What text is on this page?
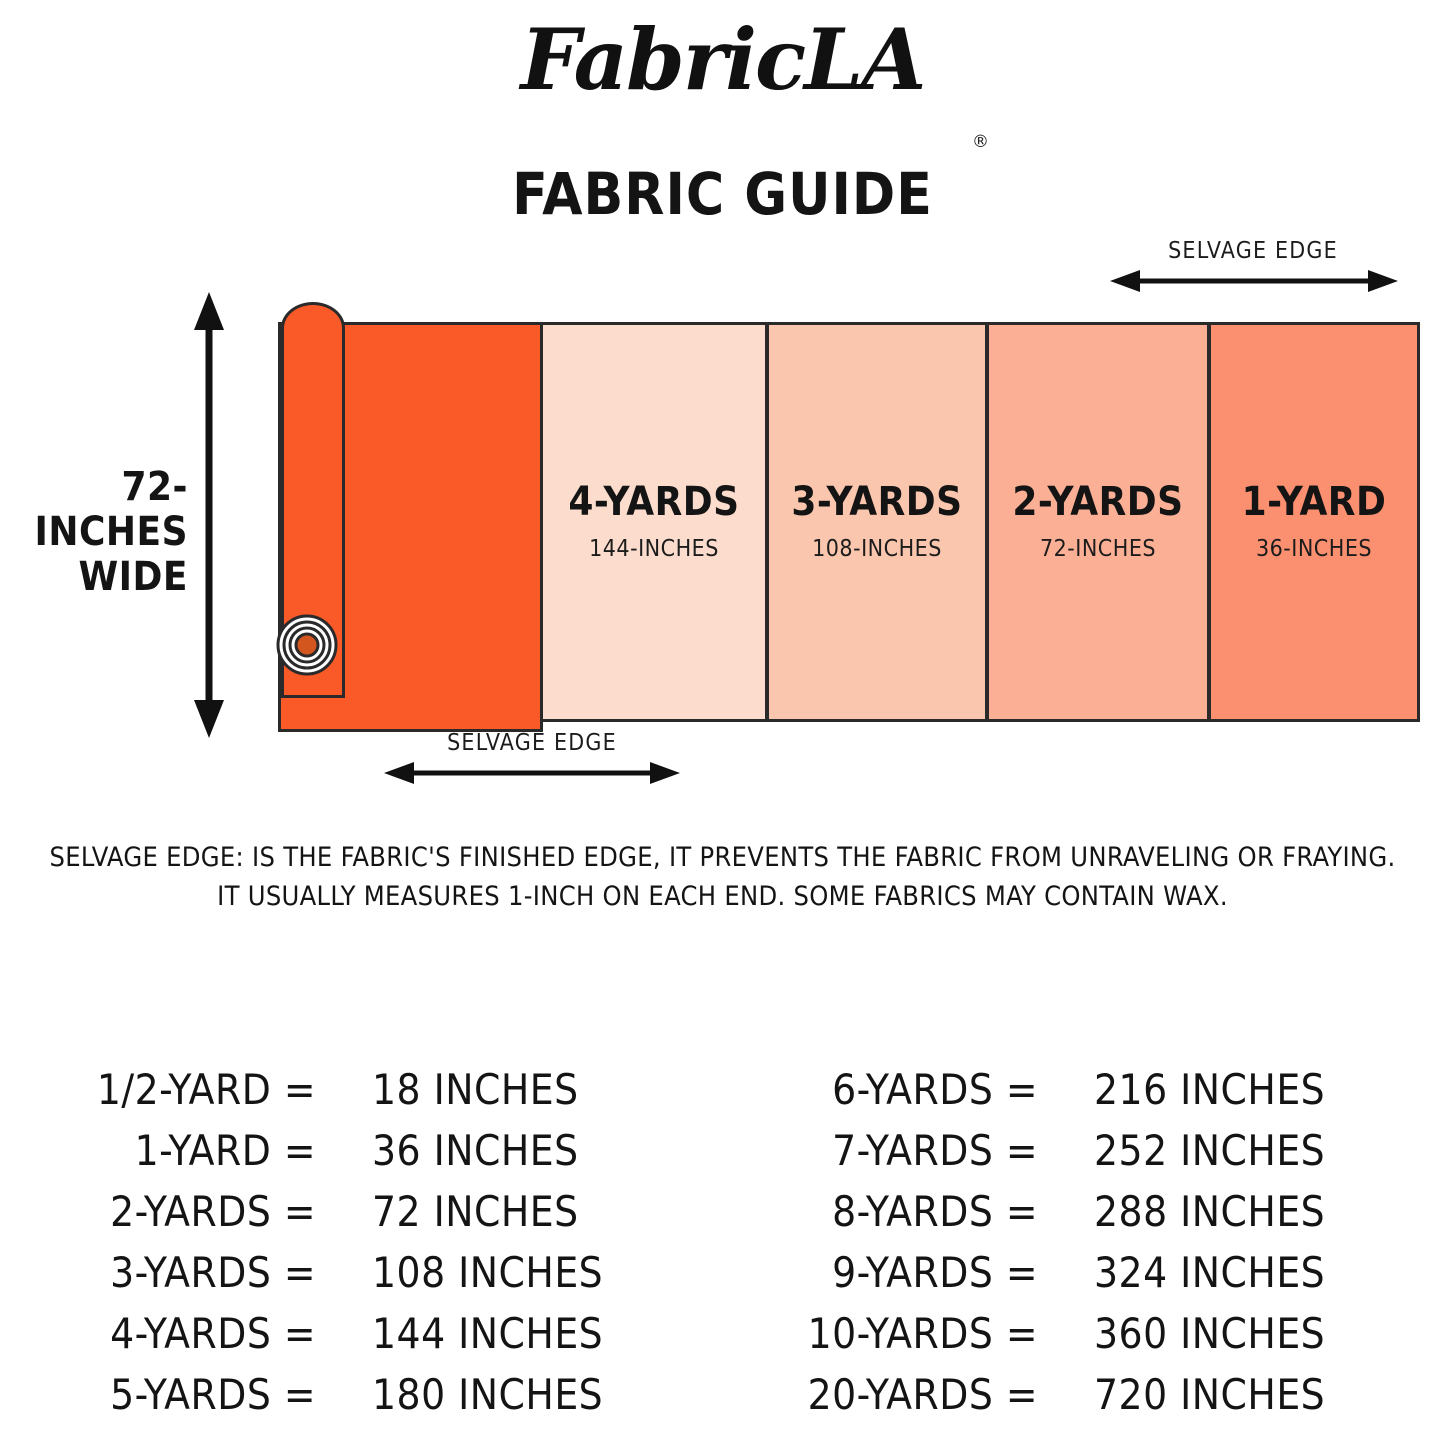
FabricLA
®
FABRIC GUIDE
72-INCHES
WIDE
SELVAGE EDGE
4-YARDS
144-INCHES
3-YARDS
108-INCHES
2-YARDS
72-INCHES
1-YARD
36-INCHES
SELVAGE EDGE
SELVAGE EDGE: IS THE FABRIC'S FINISHED EDGE, IT PREVENTS THE FABRIC FROM UNRAVELING OR FRAYING.
IT USUALLY MEASURES 1-INCH ON EACH END. SOME FABRICS MAY CONTAIN WAX.
1/2-YARD =	18 INCHES
1-YARD =	36 INCHES
2-YARDS =	72 INCHES
3-YARDS =	108 INCHES
4-YARDS =	144 INCHES
5-YARDS =	180 INCHES
6-YARDS =	216 INCHES
7-YARDS =	252 INCHES
8-YARDS =	288 INCHES
9-YARDS =	324 INCHES
10-YARDS =	360 INCHES
20-YARDS =	720 INCHES
